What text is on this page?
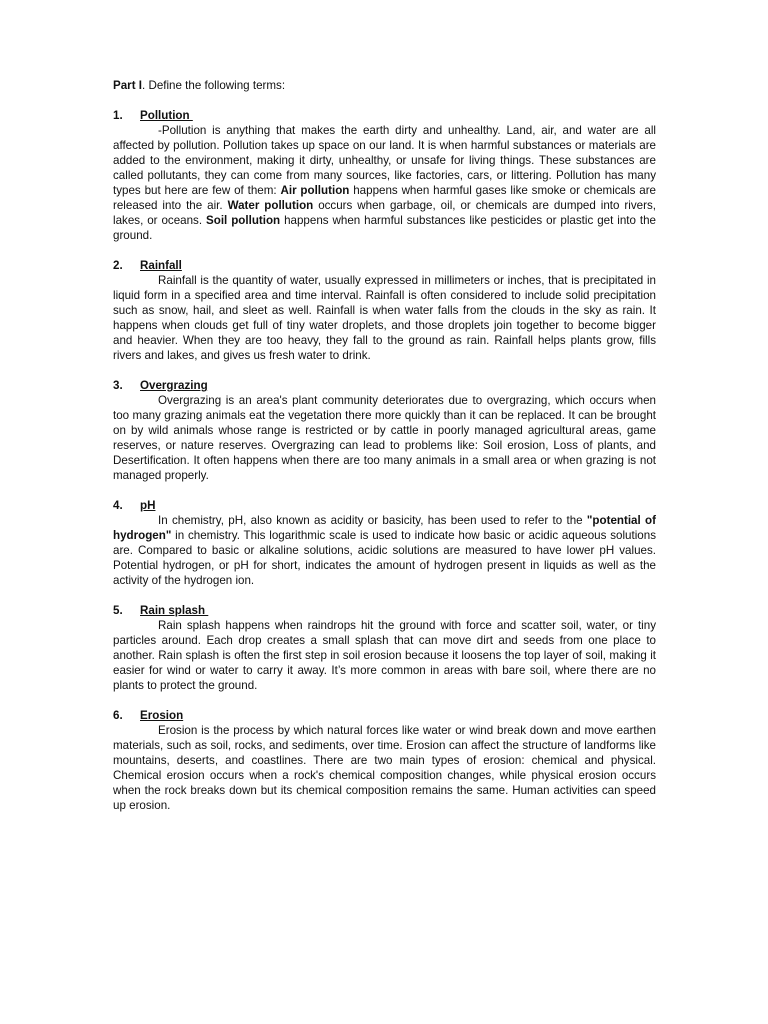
Part I. Define the following terms:

1.	Pollution

-Pollution is anything that makes the earth dirty and unhealthy. Land, air, and water are all affected by pollution. Pollution takes up space on our land. It is when harmful substances or materials are added to the environment, making it dirty, unhealthy, or unsafe for living things. These substances are called pollutants, they can come from many sources, like factories, cars, or littering. Pollution has many types but here are few of them: Air pollution happens when harmful gases like smoke or chemicals are released into the air. Water pollution occurs when garbage, oil, or chemicals are dumped into rivers, lakes, or oceans. Soil pollution happens when harmful substances like pesticides or plastic get into the ground.

2.	Rainfall

Rainfall is the quantity of water, usually expressed in millimeters or inches, that is precipitated in liquid form in a specified area and time interval. Rainfall is often considered to include solid precipitation such as snow, hail, and sleet as well. Rainfall is when water falls from the clouds in the sky as rain. It happens when clouds get full of tiny water droplets, and those droplets join together to become bigger and heavier. When they are too heavy, they fall to the ground as rain. Rainfall helps plants grow, fills rivers and lakes, and gives us fresh water to drink.

3.	Overgrazing

Overgrazing is an area's plant community deteriorates due to overgrazing, which occurs when too many grazing animals eat the vegetation there more quickly than it can be replaced. It can be brought on by wild animals whose range is restricted or by cattle in poorly managed agricultural areas, game reserves, or nature reserves. Overgrazing can lead to problems like: Soil erosion, Loss of plants, and Desertification. It often happens when there are too many animals in a small area or when grazing is not managed properly.

4.	pH

In chemistry, pH, also known as acidity or basicity, has been used to refer to the "potential of hydrogen" in chemistry. This logarithmic scale is used to indicate how basic or acidic aqueous solutions are. Compared to basic or alkaline solutions, acidic solutions are measured to have lower pH values. Potential hydrogen, or pH for short, indicates the amount of hydrogen present in liquids as well as the activity of the hydrogen ion.

5.	Rain splash

Rain splash happens when raindrops hit the ground with force and scatter soil, water, or tiny particles around. Each drop creates a small splash that can move dirt and seeds from one place to another. Rain splash is often the first step in soil erosion because it loosens the top layer of soil, making it easier for wind or water to carry it away. It’s more common in areas with bare soil, where there are no plants to protect the ground.

6.	Erosion

Erosion is the process by which natural forces like water or wind break down and move earthen materials, such as soil, rocks, and sediments, over time. Erosion can affect the structure of landforms like mountains, deserts, and coastlines. There are two main types of erosion: chemical and physical. Chemical erosion occurs when a rock's chemical composition changes, while physical erosion occurs when the rock breaks down but its chemical composition remains the same. Human activities can speed up erosion.
